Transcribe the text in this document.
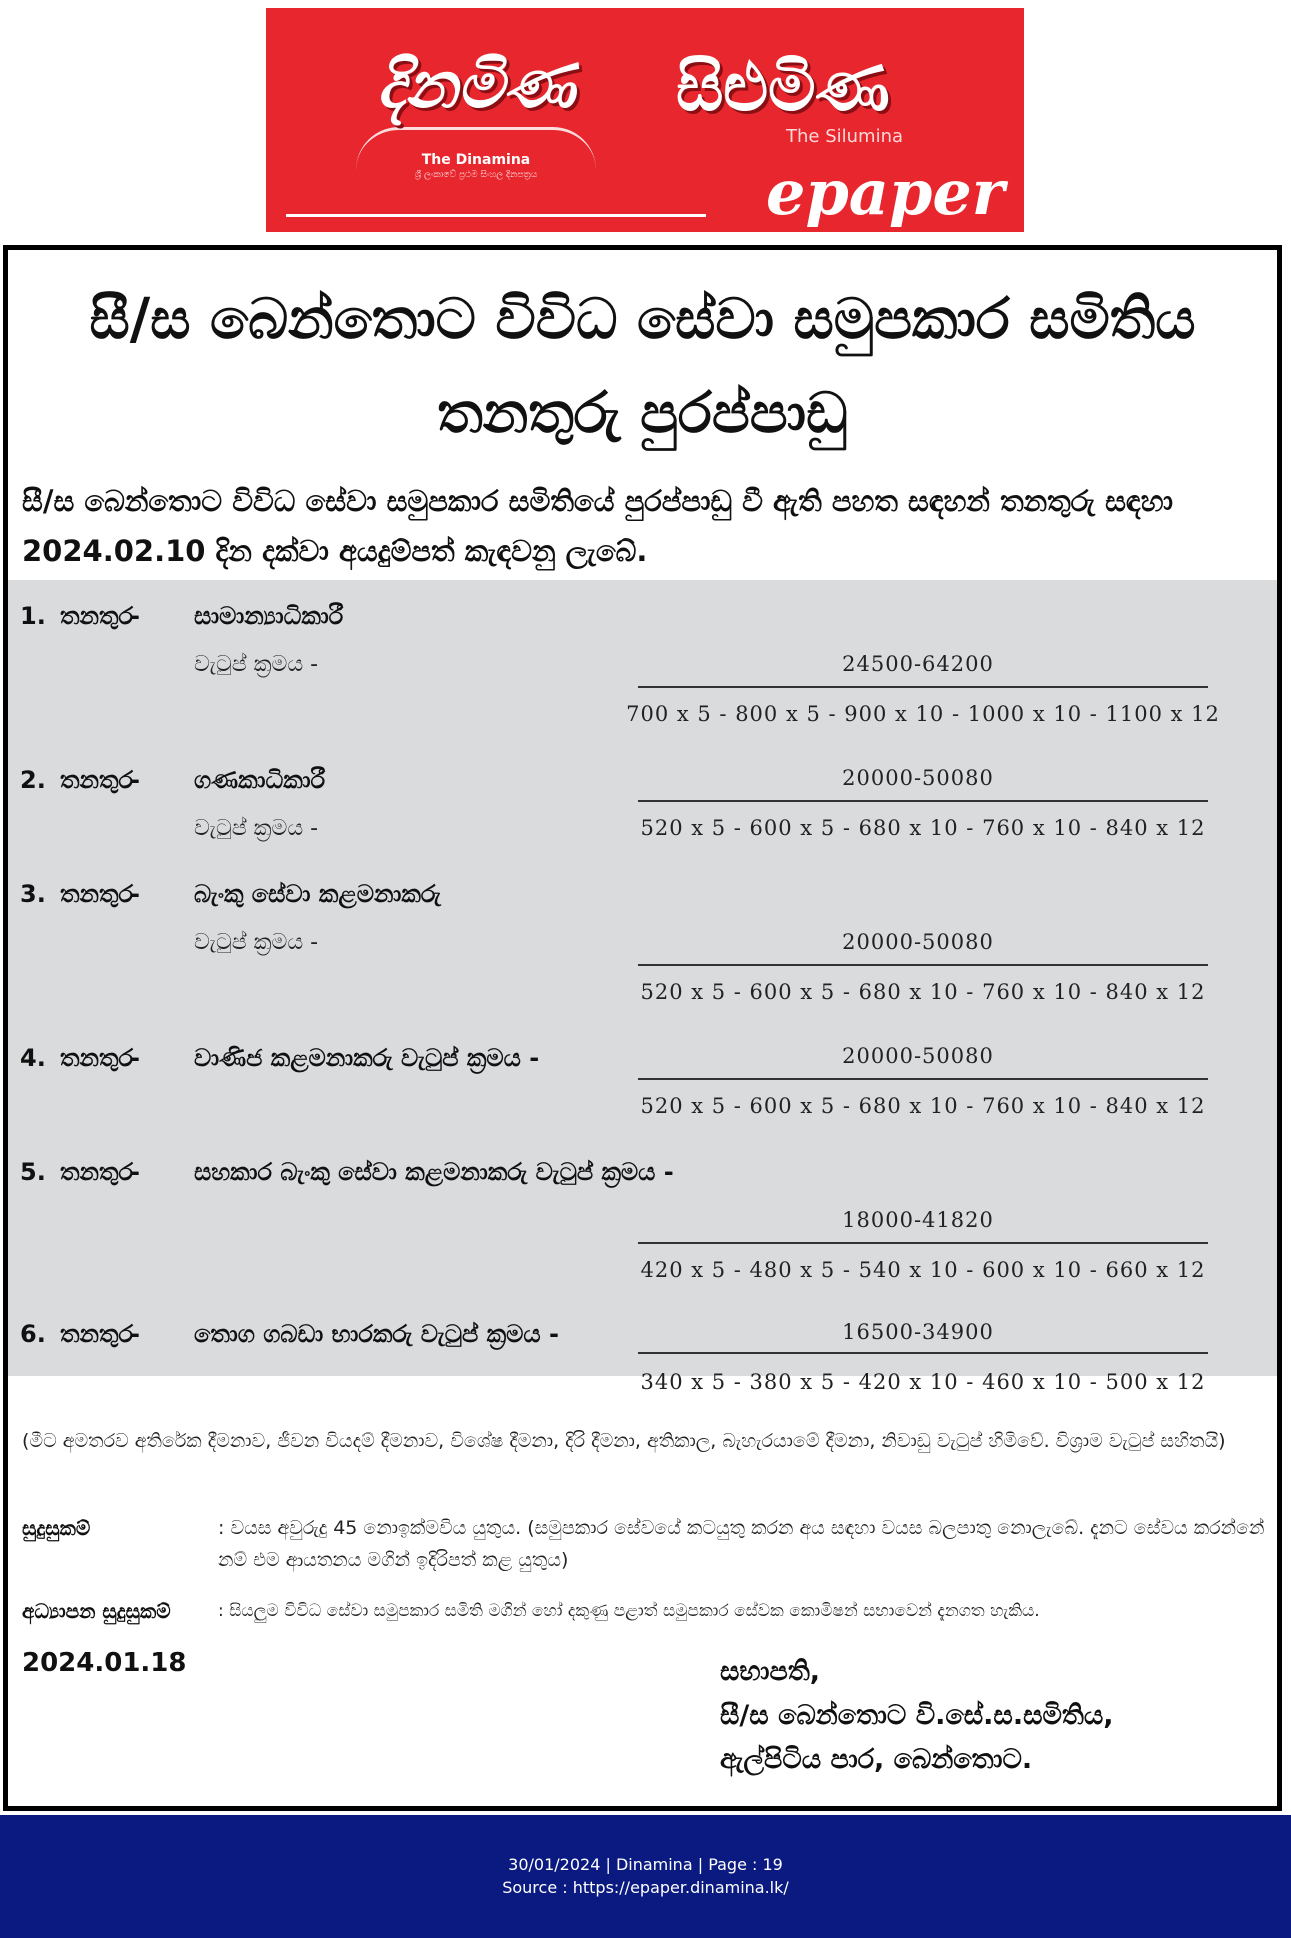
දිනමිණ
The Dinamina
ශ්‍රී ලංකාවේ ප්‍රථම සිංහල දිනපත්‍රය
සිළුමිණ
The Silumina
epaper
සී/ස බෙන්තොට විවිධ සේවා සමුපකාර සමිතිය
තනතුරු පුරප්පාඩු
සී/ස බෙන්තොට විවිධ සේවා සමුපකාර සමිතියේ පුරප්පාඩු වී ඇති පහත සඳහන් තනතුරු සඳහා 2024.02.10 දින දක්වා අයදුම්පත් කැඳවනු ලැබේ.
1. තනතුර
- සාමාන්‍යාධිකාරී
වැටුප් ක්‍රමය -	24500-64200
700 x 5 - 800 x 5 - 900 x 10 - 1000 x 10 - 1100 x 12
2. තනතුර
- ගණකාධිකාරී	20000-50080
වැටුප් ක්‍රමය -	520 x 5 - 600 x 5 - 680 x 10 - 760 x 10 - 840 x 12
3. තනතුර
- බැංකු සේවා කළමනාකරු
වැටුප් ක්‍රමය -	20000-50080
520 x 5 - 600 x 5 - 680 x 10 - 760 x 10 - 840 x 12
4. තනතුර
- වාණිජ කළමනාකරු වැටුප් ක්‍රමය -	20000-50080
520 x 5 - 600 x 5 - 680 x 10 - 760 x 10 - 840 x 12
5. තනතුර
- සහකාර බැංකු සේවා කළමනාකරු වැටුප් ක්‍රමය -
18000-41820
420 x 5 - 480 x 5 - 540 x 10 - 600 x 10 - 660 x 12
6. තනතුර
- තොග ගබඩා භාරකරු වැටුප් ක්‍රමය -	16500-34900
340 x 5 - 380 x 5 - 420 x 10 - 460 x 10 - 500 x 12
(මීට අමතරව අතිරේක දීමනාව, ජීවන වියදම් දීමනාව, විශේෂ දීමනා, දිරි දීමනා, අතිකාල, බැහැරයාමේ දීමනා, නිවාඩු වැටුප් හිමිවේ. විශ්‍රාම වැටුප් සහිතයි)
සුදුසුකම්	: වයස අවුරුදු 45 නොඉක්මවිය යුතුය. (සමුපකාර සේවයේ කටයුතු කරන අය සඳහා වයස බලපාතු නොලැබේ. දැනට සේවය කරන්නේ නම් එම ආයතනය මගින් ඉදිරිපත් කළ යුතුය)
අධ්‍යාපන සුදුසුකම්	: සියලුම විවිධ සේවා සමුපකාර සමිති මගින් හෝ දකුණු පළාත් සමුපකාර සේවක කොමිෂන් සභාවෙන් දැනගත හැකිය.
2024.01.18	සභාපති,
සී/ස බෙන්තොට වි.සේ.ස.සමිතිය,
ඇල්පිටිය පාර, බෙන්තොට.
30/01/2024 | Dinamina | Page : 19
Source : https://epaper.dinamina.lk/
